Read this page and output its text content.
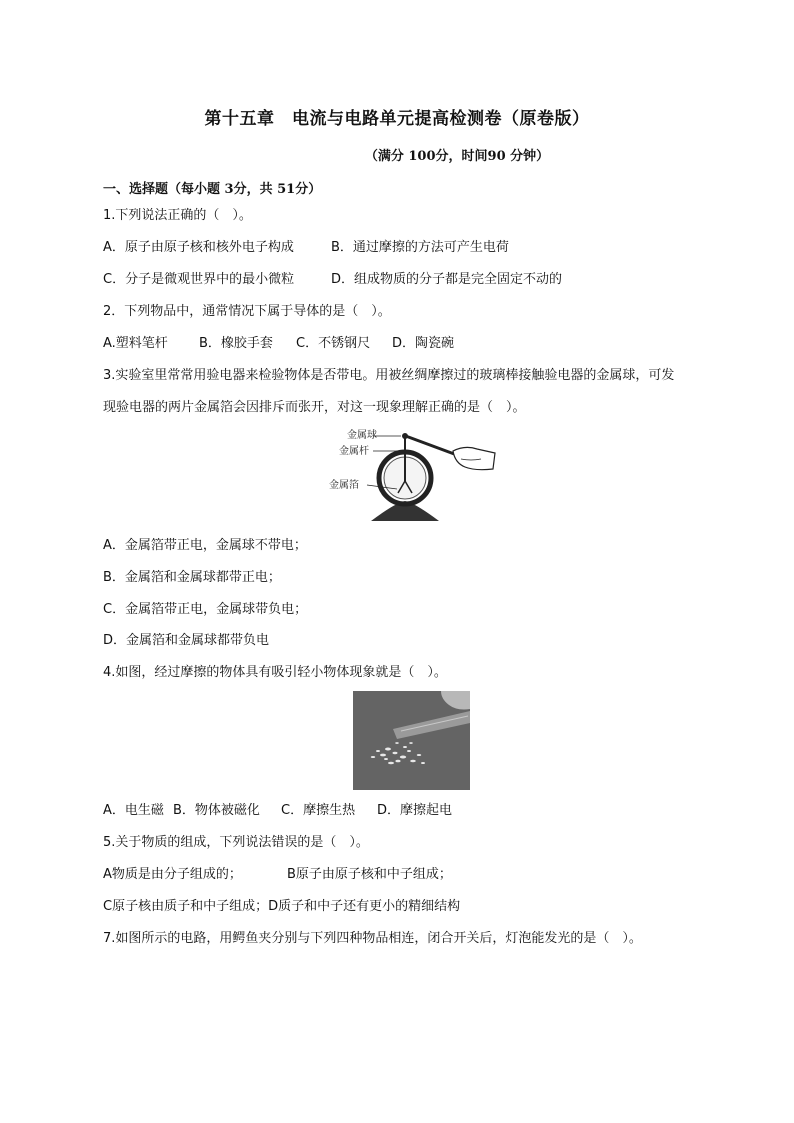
第十五章　电流与电路单元提高检测卷（原卷版）
（满分 100分，时间90 分钟）
一、选择题（每小题 3分，共 51分）
1.下列说法正确的（　）。
A．原子由原子核和核外电子构成	B．通过摩擦的方法可产生电荷
C．分子是微观世界中的最小微粒	D．组成物质的分子都是完全固定不动的
2．下列物品中，通常情况下属于导体的是（　）。
A.塑料笔杆 B．橡胶手套 C．不锈钢尺 D．陶瓷碗
3.实验室里常常用验电器来检验物体是否带电。用被丝绸摩擦过的玻璃棒接触验电器的金属球，可发
现验电器的两片金属箔会因排斥而张开，对这一现象理解正确的是（　）。
金属球
金属杆
金属箔
A．金属箔带正电，金属球不带电；
B．金属箔和金属球都带正电；
C．金属箔带正电，金属球带负电；
D．金属箔和金属球都带负电
4.如图，经过摩擦的物体具有吸引轻小物体现象就是（　）。
A．电生磁 B．物体被磁化 C．摩擦生热 D．摩擦起电
5.关于物质的组成，下列说法错误的是（　）。
A物质是由分子组成的；	B原子由原子核和中子组成；
C原子核由质子和中子组成；D质子和中子还有更小的精细结构
7.如图所示的电路，用鳄鱼夹分别与下列四种物品相连，闭合开关后，灯泡能发光的是（　）。
